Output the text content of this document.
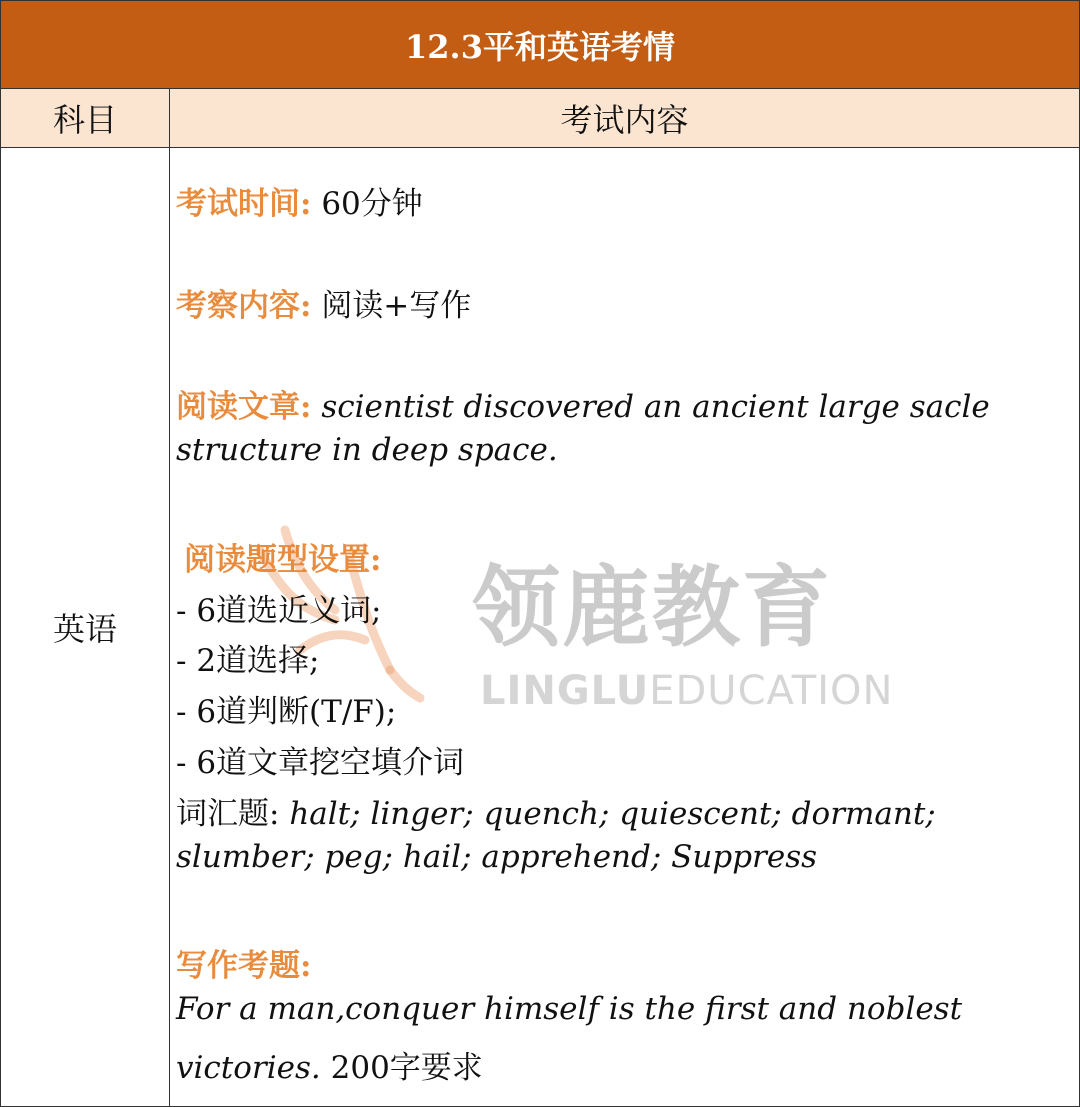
12.3平和英语考情
科目	考试内容
英语	领鹿教育
LINGLUEDUCATION
考试时间: 60分钟
考察内容: 阅读+写作
阅读文章: scientist discovered an ancient large sacle
structure in deep space.
阅读题型设置:
- 6道选近义词;
- 2道选择;
- 6道判断(T/F);
- 6道文章挖空填介词
词汇题: halt; linger; quench; quiescent; dormant;
slumber; peg; hail; apprehend; Suppress
写作考题:
For a man,conquer himself is the first and noblest
victories. 200字要求
